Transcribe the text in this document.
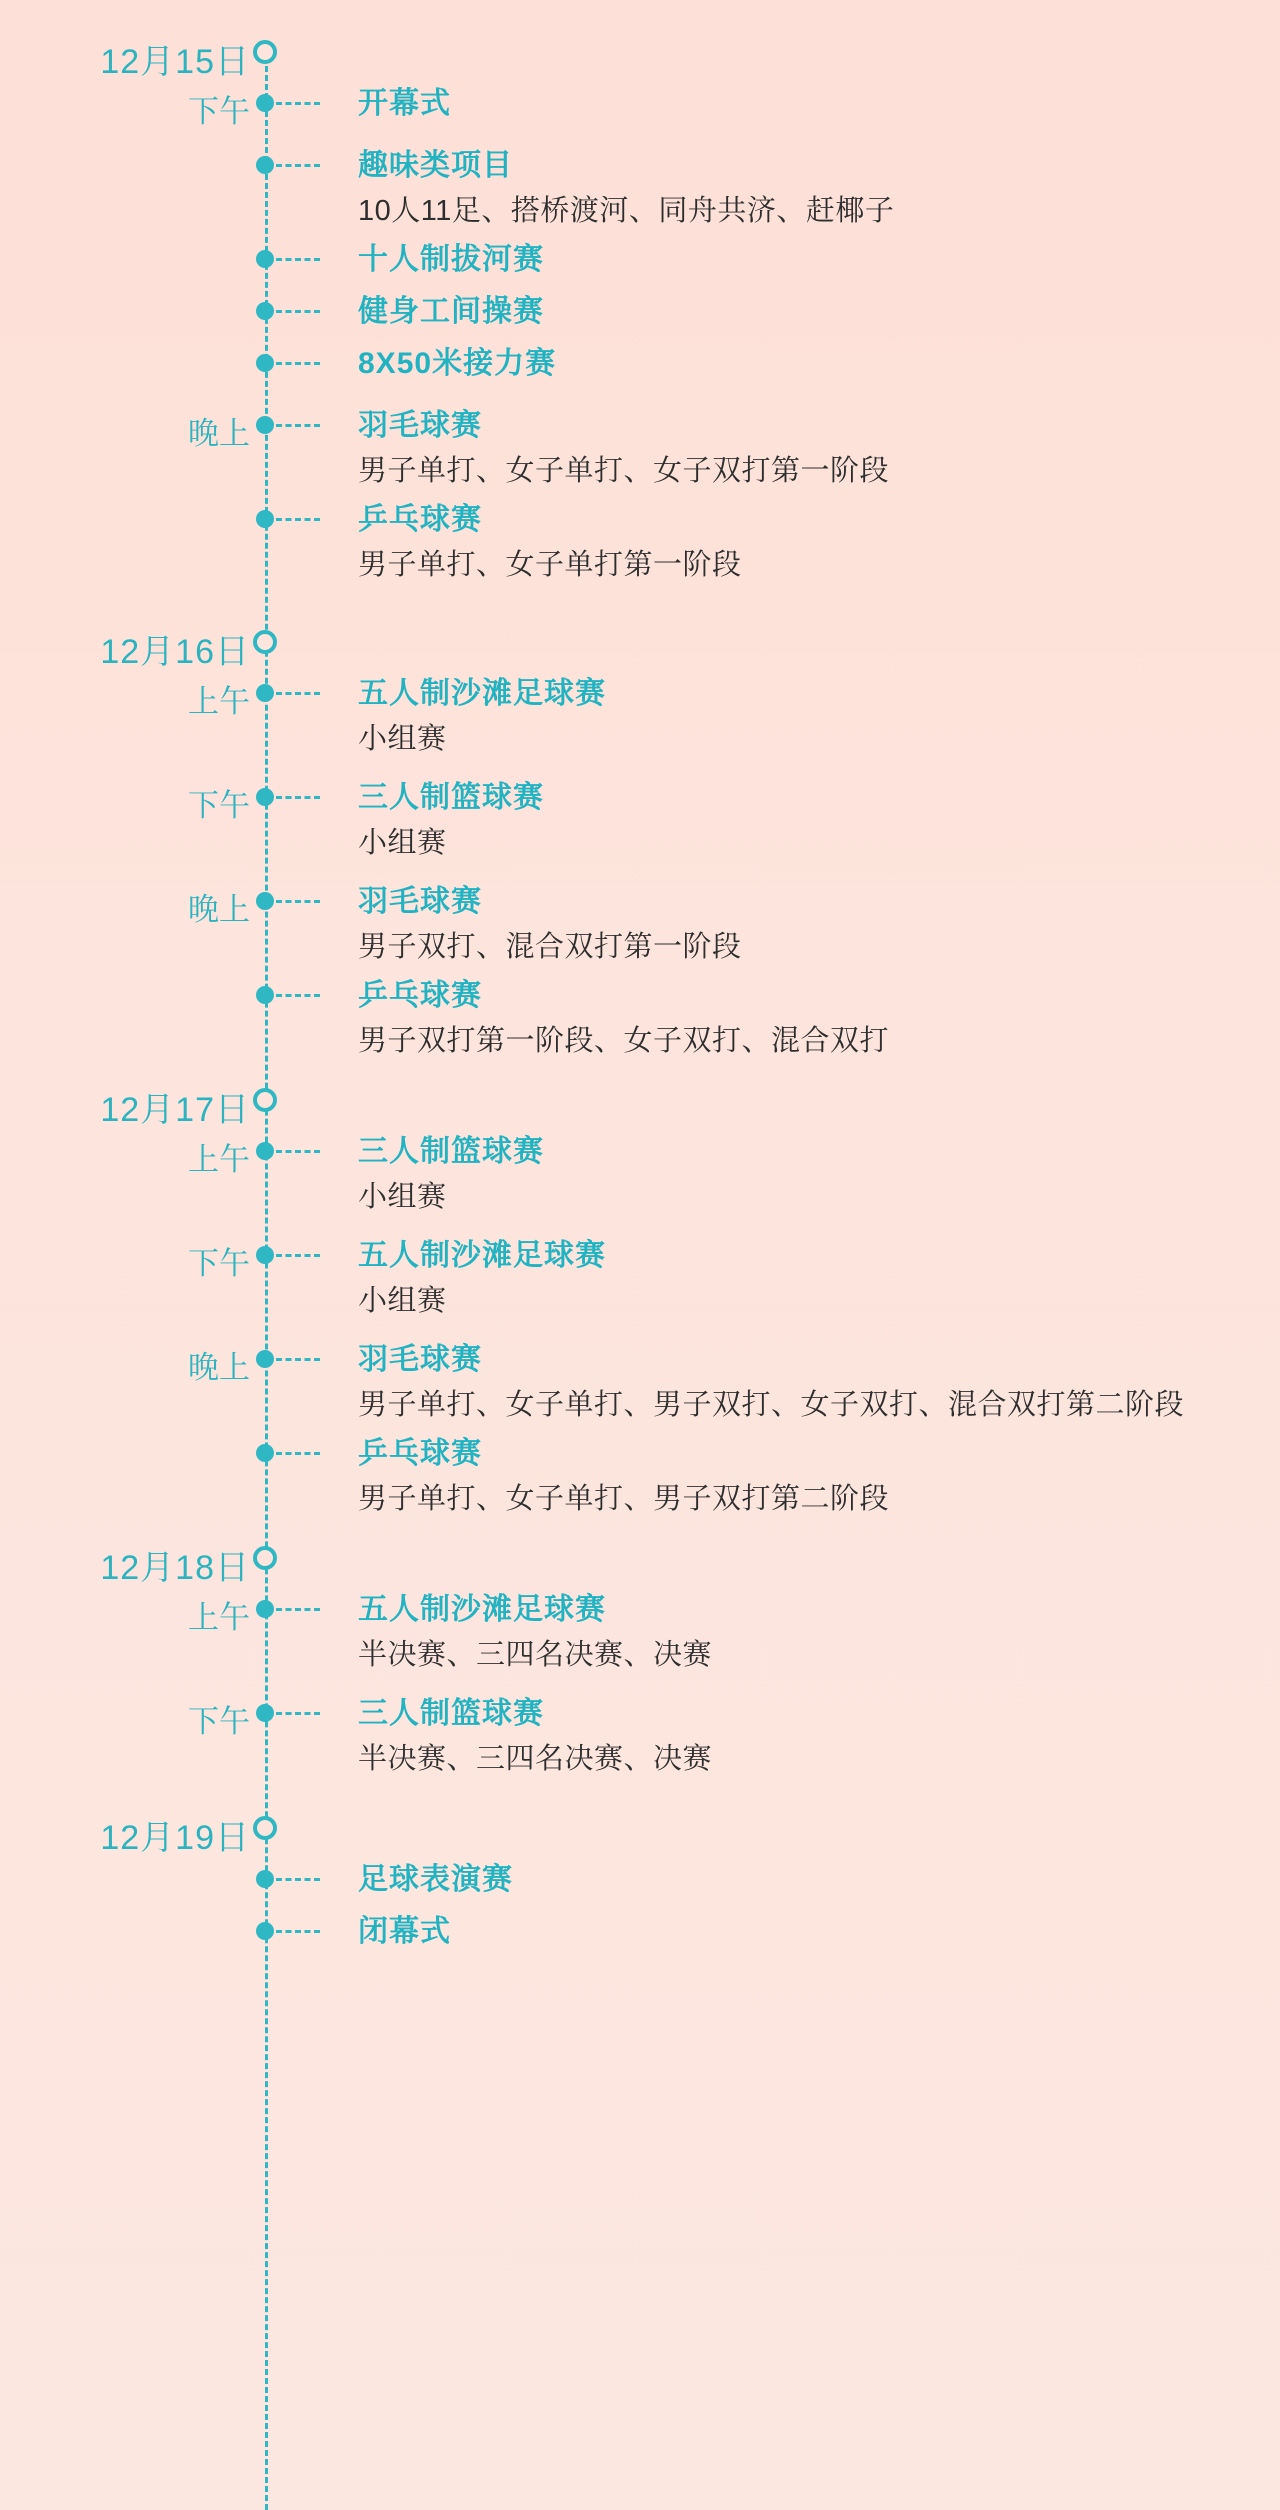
12月15日
下午	开幕式
趣味类项目
10人11足、搭桥渡河、同舟共济、赶椰子
十人制拔河赛
健身工间操赛
8X50米接力赛
晚上	羽毛球赛
男子单打、女子单打、女子双打第一阶段
乒乓球赛
男子单打、女子单打第一阶段
12月16日
上午	五人制沙滩足球赛
小组赛
下午	三人制篮球赛
小组赛
晚上	羽毛球赛
男子双打、混合双打第一阶段
乒乓球赛
男子双打第一阶段、女子双打、混合双打
12月17日
上午	三人制篮球赛
小组赛
下午	五人制沙滩足球赛
小组赛
晚上	羽毛球赛
男子单打、女子单打、男子双打、女子双打、混合双打第二阶段
乒乓球赛
男子单打、女子单打、男子双打第二阶段
12月18日
上午	五人制沙滩足球赛
半决赛、三四名决赛、决赛
下午	三人制篮球赛
半决赛、三四名决赛、决赛
12月19日
足球表演赛
闭幕式
